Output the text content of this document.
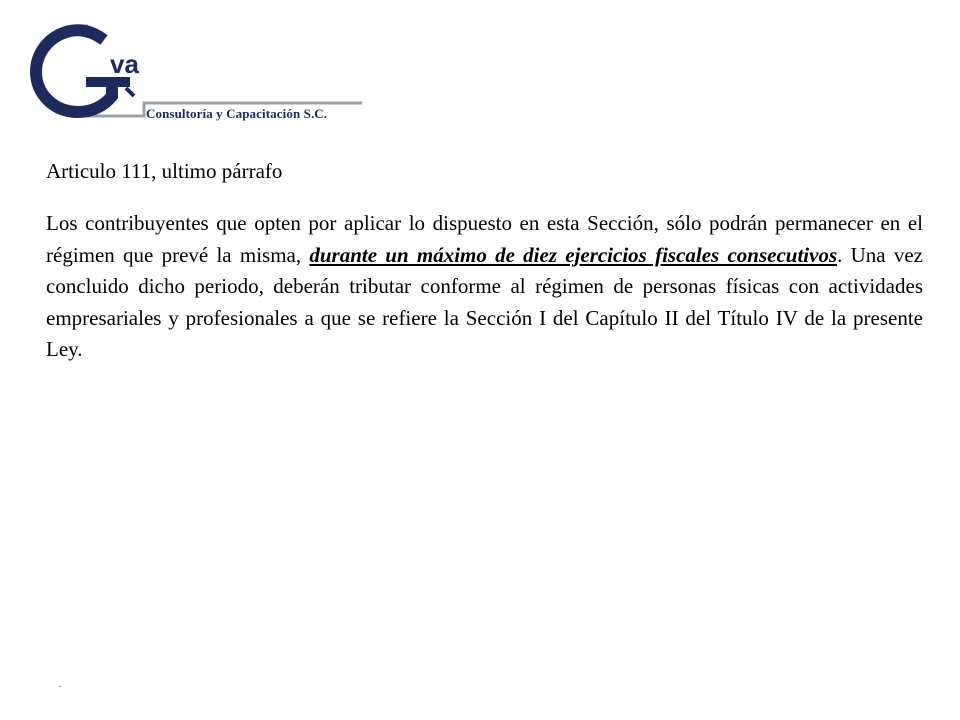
va
Consultoría y Capacitación S.C.
Articulo 111, ultimo párrafo

Los contribuyentes que opten por aplicar lo dispuesto en esta Sección, sólo podrán permanecer en el régimen que prevé la misma, durante un máximo de diez ejercicios fiscales consecutivos. Una vez concluido dicho periodo, deberán tributar conforme al régimen de personas físicas con actividades empresariales y profesionales a que se refiere la Sección I del Capítulo II del Título IV de la presente Ley.

.
